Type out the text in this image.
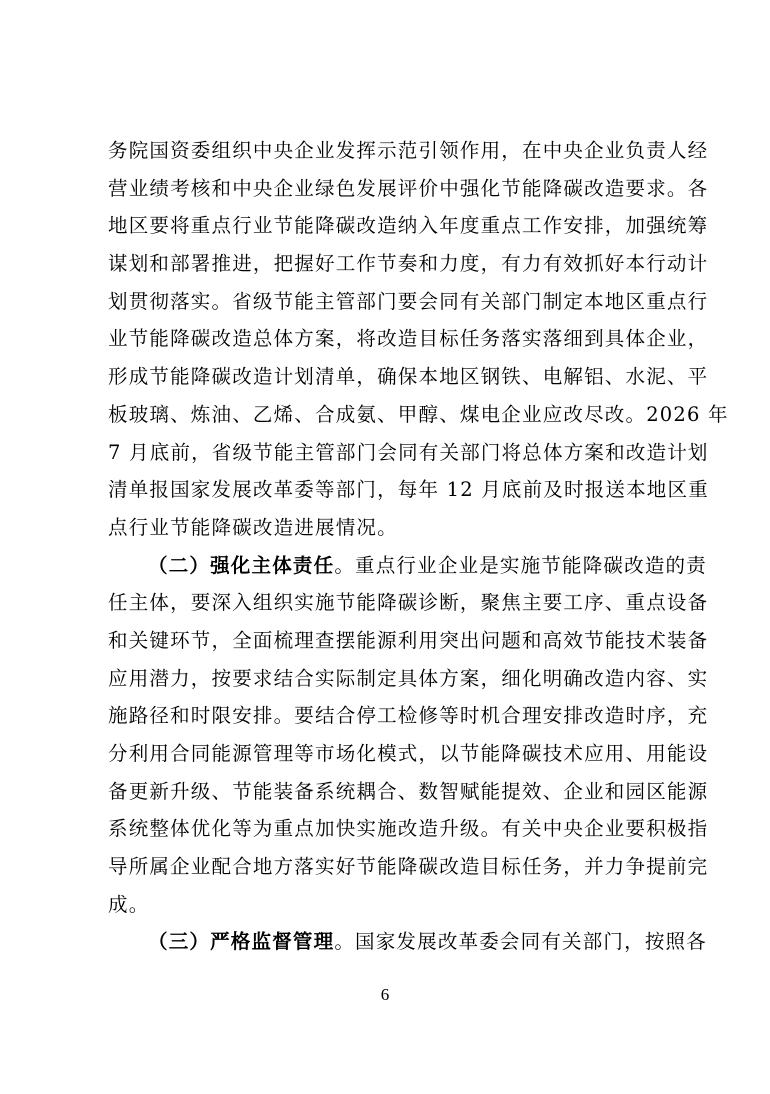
务院国资委组织中央企业发挥示范引领作用，在中央企业负责人经
营业绩考核和中央企业绿色发展评价中强化节能降碳改造要求。各
地区要将重点行业节能降碳改造纳入年度重点工作安排，加强统筹
谋划和部署推进，把握好工作节奏和力度，有力有效抓好本行动计
划贯彻落实。省级节能主管部门要会同有关部门制定本地区重点行
业节能降碳改造总体方案，将改造目标任务落实落细到具体企业，
形成节能降碳改造计划清单，确保本地区钢铁、电解铝、水泥、平
板玻璃、炼油、乙烯、合成氨、甲醇、煤电企业应改尽改。2026 年
7 月底前，省级节能主管部门会同有关部门将总体方案和改造计划
清单报国家发展改革委等部门，每年 12 月底前及时报送本地区重
点行业节能降碳改造进展情况。
（二）强化主体责任。重点行业企业是实施节能降碳改造的责
任主体，要深入组织实施节能降碳诊断，聚焦主要工序、重点设备
和关键环节，全面梳理查摆能源利用突出问题和高效节能技术装备
应用潜力，按要求结合实际制定具体方案，细化明确改造内容、实
施路径和时限安排。要结合停工检修等时机合理安排改造时序，充
分利用合同能源管理等市场化模式，以节能降碳技术应用、用能设
备更新升级、节能装备系统耦合、数智赋能提效、企业和园区能源
系统整体优化等为重点加快实施改造升级。有关中央企业要积极指
导所属企业配合地方落实好节能降碳改造目标任务，并力争提前完
成。
（三）严格监督管理。国家发展改革委会同有关部门，按照各
6
